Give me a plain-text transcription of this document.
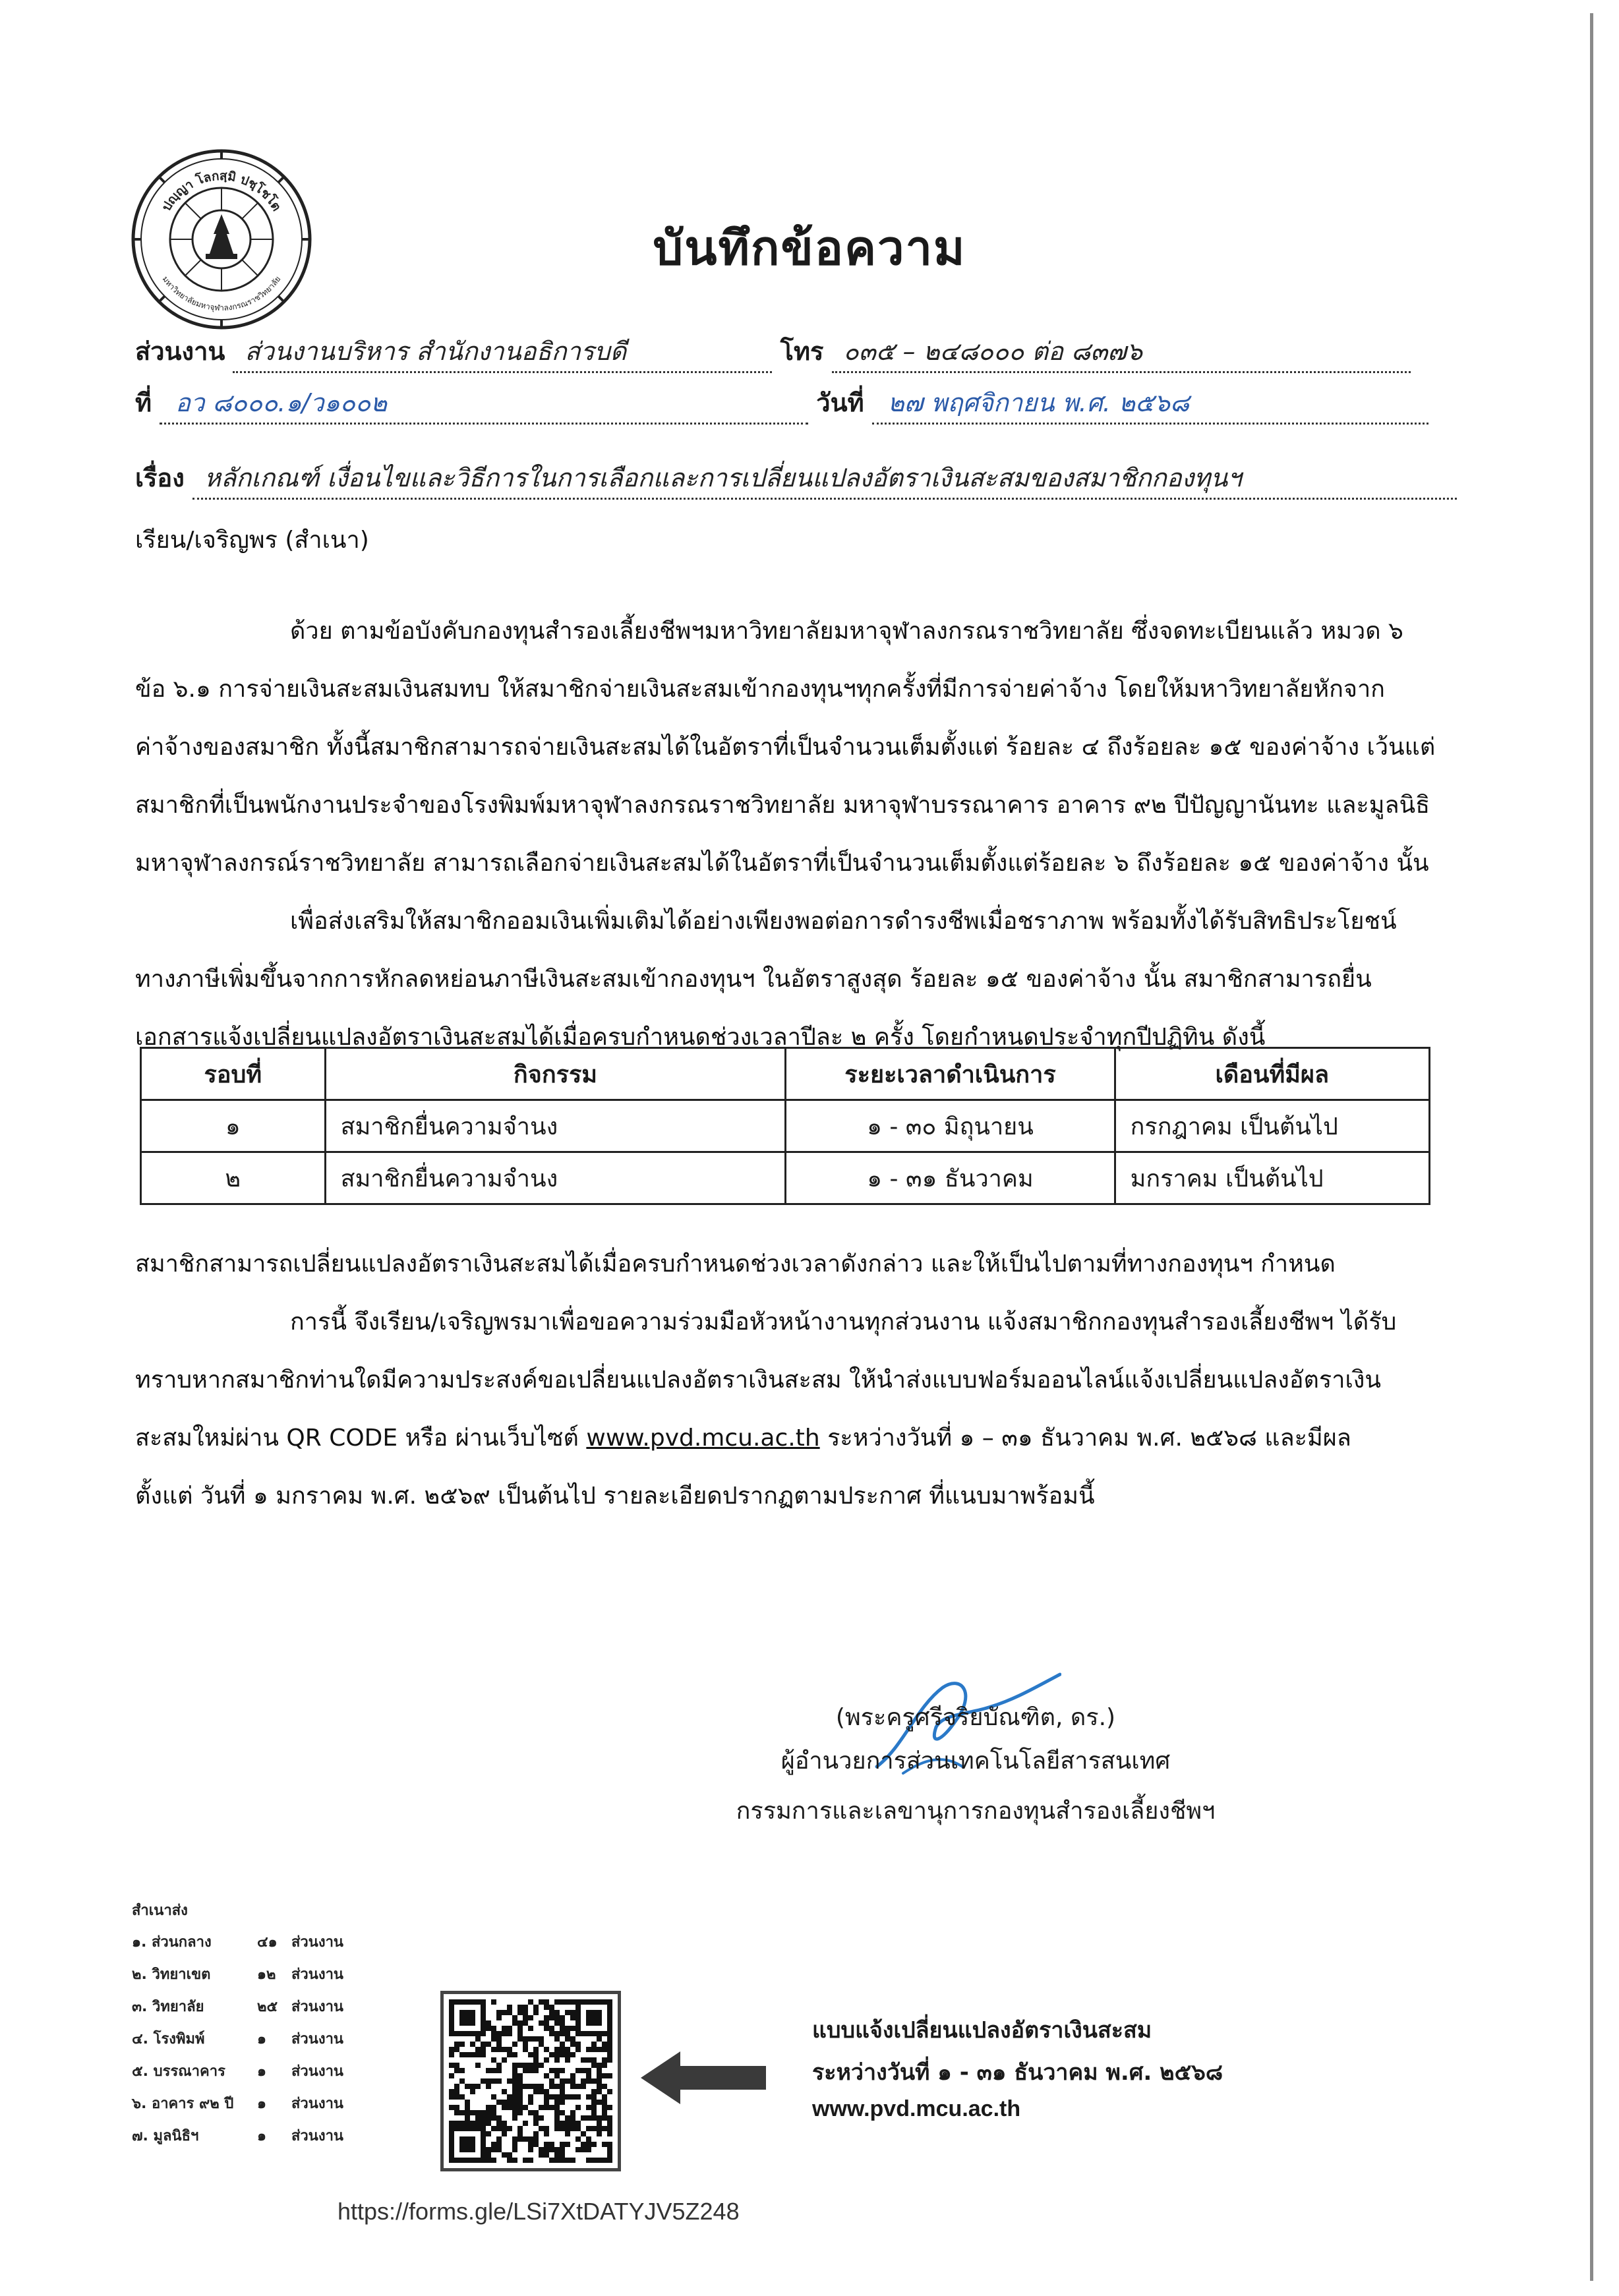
ปญฺญา โลกสฺมิ ปชฺโชโต
มหาวิทยาลัยมหาจุฬาลงกรณราชวิทยาลัย
บันทึกข้อความ
ส่วนงาน ส่วนงานบริหาร สำนักงานอธิการบดี	โทร ๐๓๕ – ๒๔๘๐๐๐ ต่อ ๘๓๗๖
ที่ อว ๘๐๐๐.๑/ว๑๐๐๒	วันที่ ๒๗ พฤศจิกายน พ.ศ. ๒๕๖๘
เรื่อง หลักเกณฑ์ เงื่อนไขและวิธีการในการเลือกและการเปลี่ยนแปลงอัตราเงินสะสมของสมาชิกกองทุนฯ
เรียน/เจริญพร (สำเนา)
ด้วย ตามข้อบังคับกองทุนสำรองเลี้ยงชีพฯมหาวิทยาลัยมหาจุฬาลงกรณราชวิทยาลัย ซึ่งจดทะเบียนแล้ว หมวด ๖
ข้อ ๖.๑ การจ่ายเงินสะสมเงินสมทบ ให้สมาชิกจ่ายเงินสะสมเข้ากองทุนฯทุกครั้งที่มีการจ่ายค่าจ้าง โดยให้มหาวิทยาลัยหักจาก
ค่าจ้างของสมาชิก ทั้งนี้สมาชิกสามารถจ่ายเงินสะสมได้ในอัตราที่เป็นจำนวนเต็มตั้งแต่ ร้อยละ ๔ ถึงร้อยละ ๑๕ ของค่าจ้าง เว้นแต่
สมาชิกที่เป็นพนักงานประจำของโรงพิมพ์มหาจุฬาลงกรณราชวิทยาลัย มหาจุฬาบรรณาคาร อาคาร ๙๒ ปีปัญญานันทะ และมูลนิธิ
มหาจุฬาลงกรณ์ราชวิทยาลัย สามารถเลือกจ่ายเงินสะสมได้ในอัตราที่เป็นจำนวนเต็มตั้งแต่ร้อยละ ๖ ถึงร้อยละ ๑๕ ของค่าจ้าง นั้น
เพื่อส่งเสริมให้สมาชิกออมเงินเพิ่มเติมได้อย่างเพียงพอต่อการดำรงชีพเมื่อชราภาพ พร้อมทั้งได้รับสิทธิประโยชน์
ทางภาษีเพิ่มขึ้นจากการหักลดหย่อนภาษีเงินสะสมเข้ากองทุนฯ ในอัตราสูงสุด ร้อยละ ๑๕ ของค่าจ้าง นั้น สมาชิกสามารถยื่น
เอกสารแจ้งเปลี่ยนแปลงอัตราเงินสะสมได้เมื่อครบกำหนดช่วงเวลาปีละ ๒ ครั้ง โดยกำหนดประจำทุกปีปฏิทิน ดังนี้
รอบที่	กิจกรรม	ระยะเวลาดำเนินการ	เดือนที่มีผล
๑	สมาชิกยื่นความจำนง	๑ - ๓๐ มิถุนายน	กรกฎาคม เป็นต้นไป
๒	สมาชิกยื่นความจำนง	๑ - ๓๑ ธันวาคม	มกราคม เป็นต้นไป
สมาชิกสามารถเปลี่ยนแปลงอัตราเงินสะสมได้เมื่อครบกำหนดช่วงเวลาดังกล่าว และให้เป็นไปตามที่ทางกองทุนฯ กำหนด
การนี้ จึงเรียน/เจริญพรมาเพื่อขอความร่วมมือหัวหน้างานทุกส่วนงาน แจ้งสมาชิกกองทุนสำรองเลี้ยงชีพฯ ได้รับ
ทราบหากสมาชิกท่านใดมีความประสงค์ขอเปลี่ยนแปลงอัตราเงินสะสม ให้นำส่งแบบฟอร์มออนไลน์แจ้งเปลี่ยนแปลงอัตราเงิน
สะสมใหม่ผ่าน QR CODE หรือ ผ่านเว็บไซต์ www.pvd.mcu.ac.th ระหว่างวันที่ ๑ – ๓๑ ธันวาคม พ.ศ. ๒๕๖๘ และมีผล
ตั้งแต่ วันที่ ๑ มกราคม พ.ศ. ๒๕๖๙ เป็นต้นไป รายละเอียดปรากฏตามประกาศ ที่แนบมาพร้อมนี้
(พระครูศรีจริยบัณฑิต, ดร.)
ผู้อำนวยการส่วนเทคโนโลยีสารสนเทศ
กรรมการและเลขานุการกองทุนสำรองเลี้ยงชีพฯ
สำเนาส่ง
๑. ส่วนกลาง	๔๑ ส่วนงาน
๒. วิทยาเขต	๑๒ ส่วนงาน
๓. วิทยาลัย	๒๕ ส่วนงาน
๔. โรงพิมพ์	๑ ส่วนงาน
๕. บรรณาคาร ๑ ส่วนงาน
๖. อาคาร ๙๒ ปี ๑ ส่วนงาน
๗. มูลนิธิฯ	๑ ส่วนงาน
แบบแจ้งเปลี่ยนแปลงอัตราเงินสะสม
ระหว่างวันที่ ๑ - ๓๑ ธันวาคม พ.ศ. ๒๕๖๘
www.pvd.mcu.ac.th
https://forms.gle/LSi7XtDATYJV5Z248
